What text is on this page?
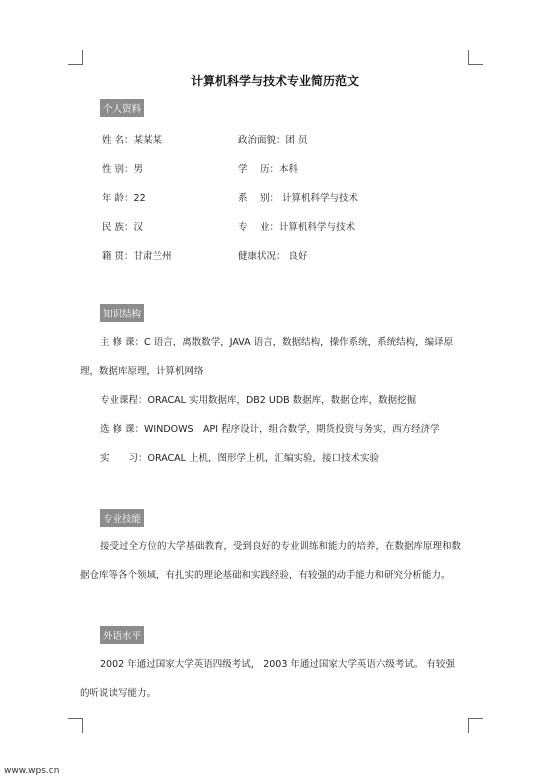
计算机科学与技术专业简历范文
个人资料
姓 名：某某某	政治面貌：团 员
性 别：男	学　 历：本科
年 龄：22	系　 别： 计算机科学与技术
民 族：汉	专　 业：计算机科学与技术
籍 贯：甘肃兰州	健康状况： 良好
知识结构
主 修 课：C 语言，离散数学，JAVA 语言，数据结构，操作系统，系统结构，编译原
理，数据库原理，计算机网络
专业课程：ORACAL 实用数据库，DB2 UDB 数据库，数据仓库，数据挖掘
选 修 课：WINDOWS　API 程序设计，组合数学，期货投资与务实，西方经济学
实　　习：ORACAL 上机，图形学上机，汇编实验，接口技术实验
专业技能
接受过全方位的大学基础教育，受到良好的专业训练和能力的培养，在数据库原理和数
据仓库等各个领域，有扎实的理论基础和实践经验，有较强的动手能力和研究分析能力。
外语水平
2002 年通过国家大学英语四级考试， 2003 年通过国家大学英语六级考试。 有较强
的听说读写能力。
www.wps.cn
